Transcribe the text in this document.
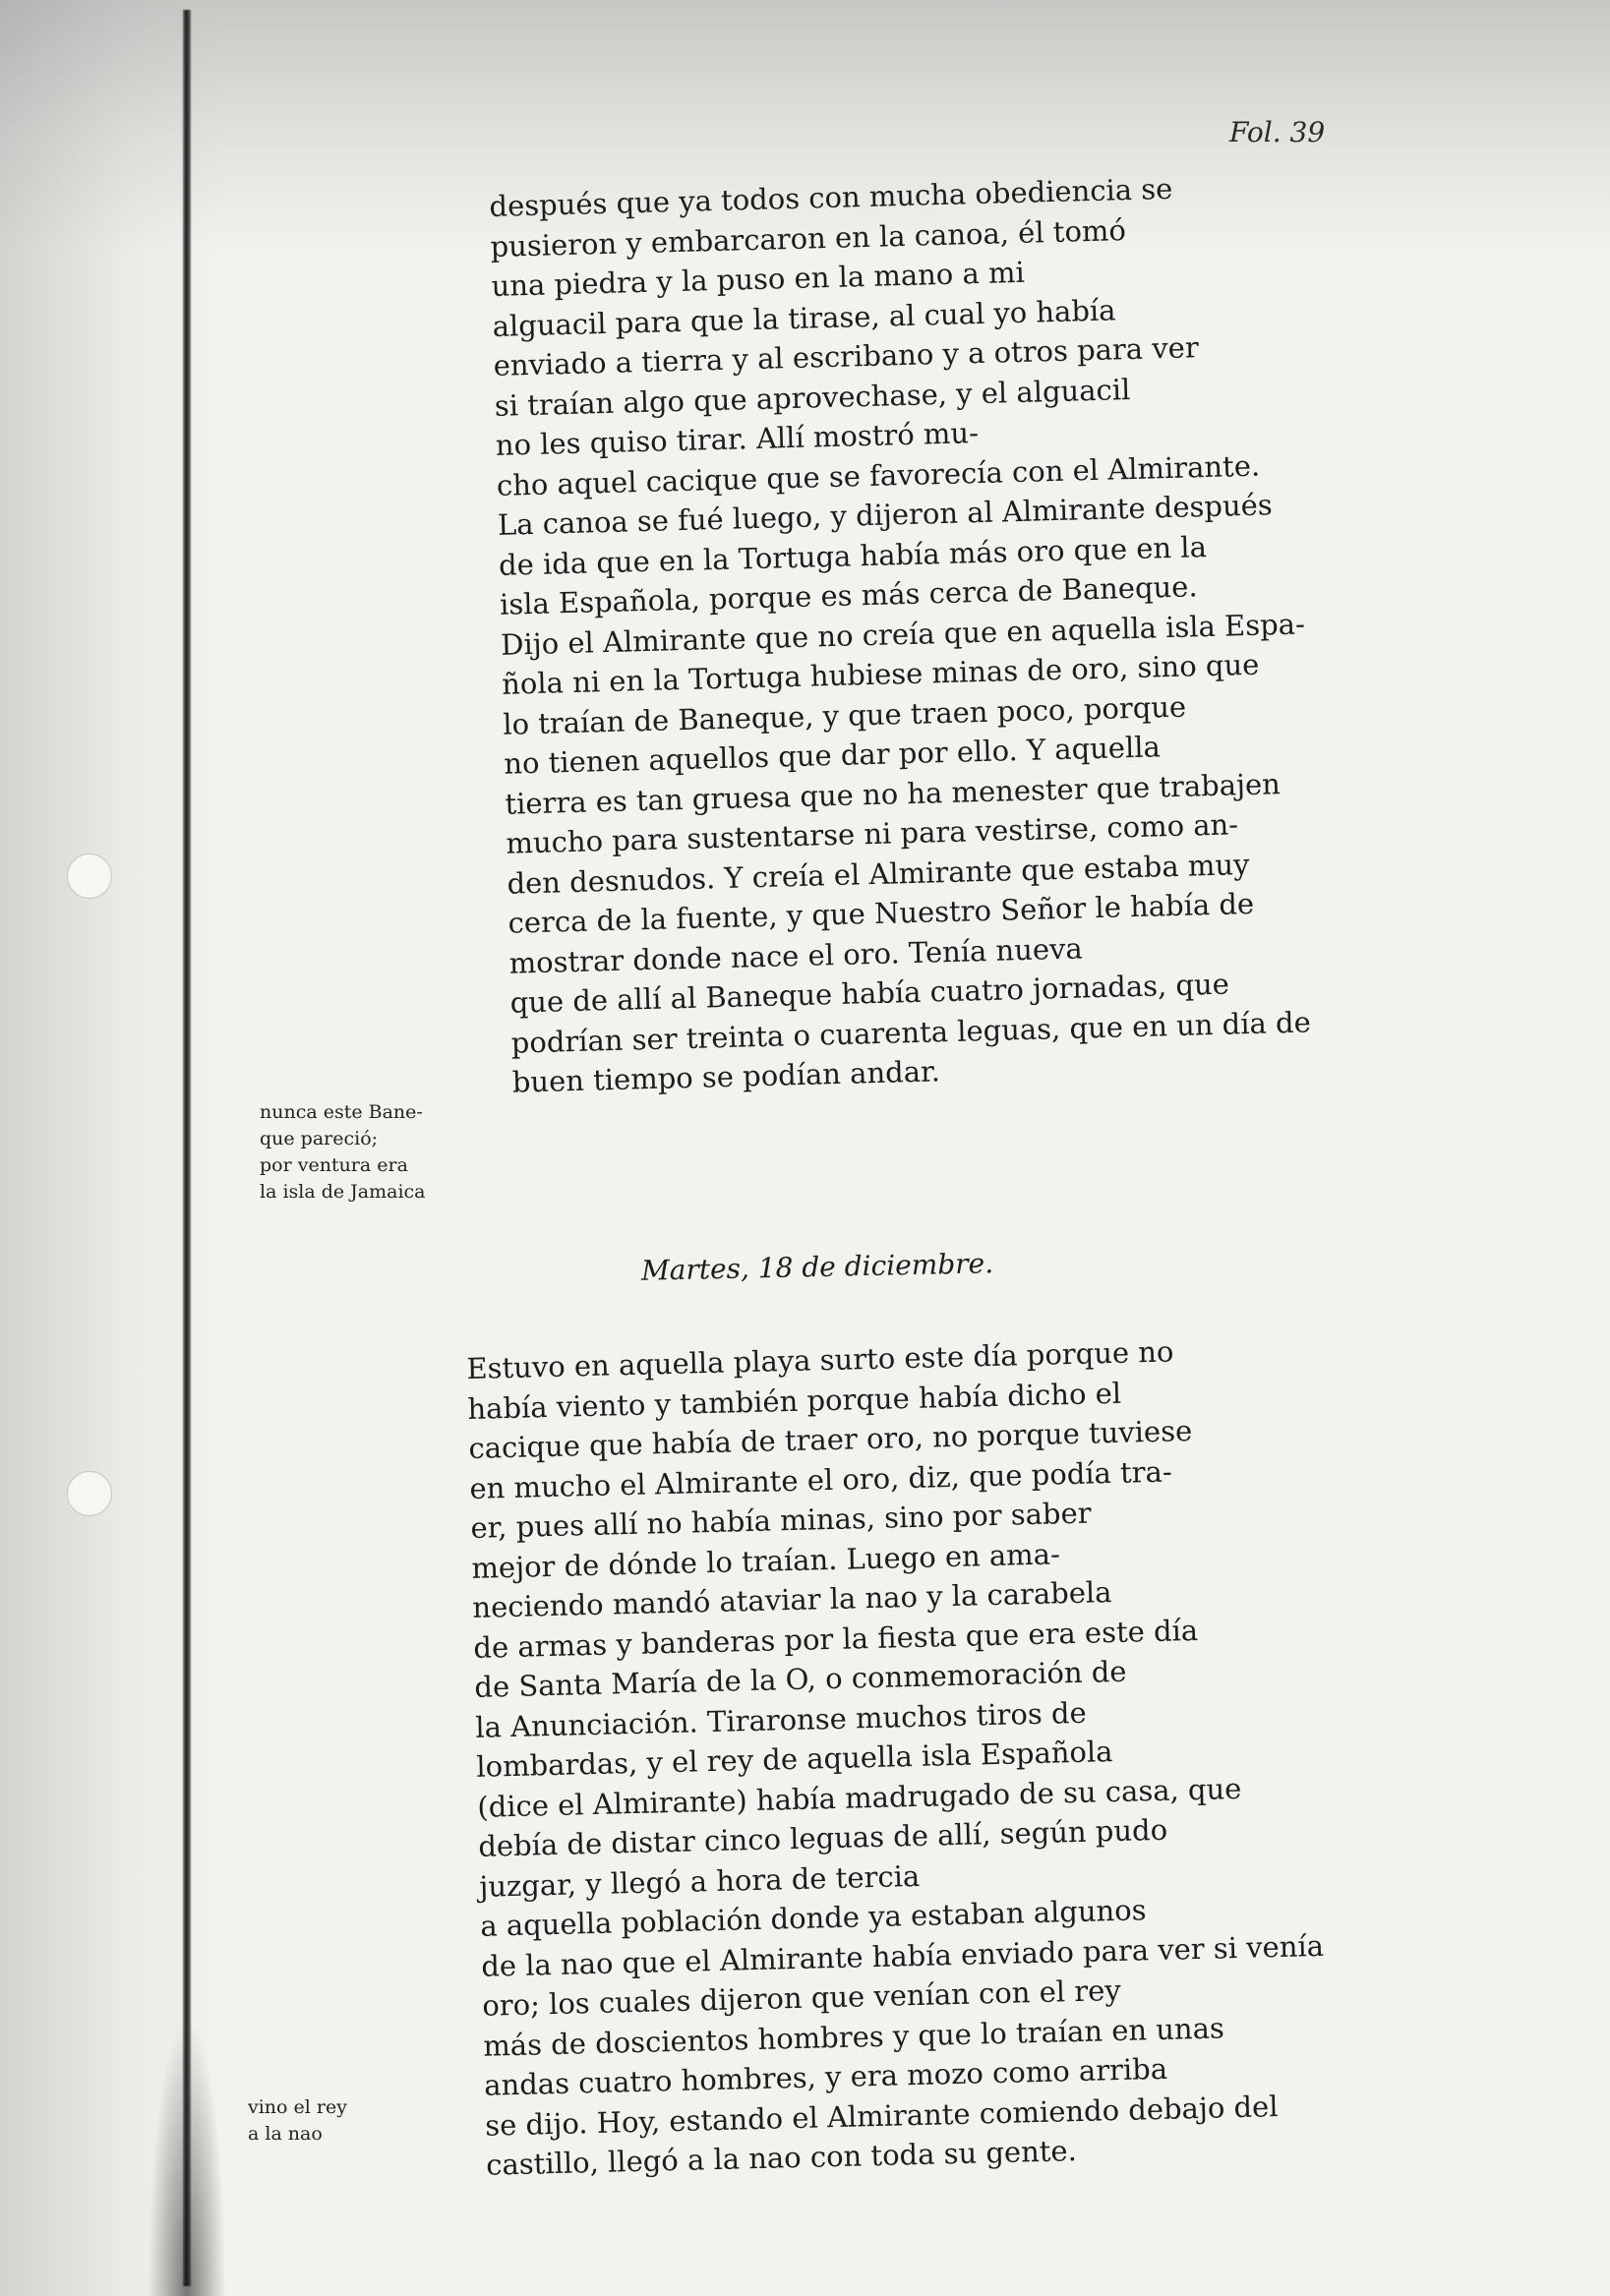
Fol. 39
después que ya todos con mucha obediencia se
pusieron y embarcaron en la canoa, él tomó
una piedra y la puso en la mano a mi
alguacil para que la tirase, al cual yo había
enviado a tierra y al escribano y a otros para ver
si traían algo que aprovechase, y el alguacil
no les quiso tirar. Allí mostró mu-
cho aquel cacique que se favorecía con el Almirante.
La canoa se fué luego, y dijeron al Almirante después
de ida que en la Tortuga había más oro que en la
isla Española, porque es más cerca de Baneque.
Dijo el Almirante que no creía que en aquella isla Espa-
ñola ni en la Tortuga hubiese minas de oro, sino que
lo traían de Baneque, y que traen poco, porque
no tienen aquellos que dar por ello. Y aquella
tierra es tan gruesa que no ha menester que trabajen
mucho para sustentarse ni para vestirse, como an-
den desnudos. Y creía el Almirante que estaba muy
cerca de la fuente, y que Nuestro Señor le había de
mostrar donde nace el oro. Tenía nueva
que de allí al Baneque había cuatro jornadas, que
podrían ser treinta o cuarenta leguas, que en un día de
buen tiempo se podían andar.
nunca este Bane-
que pareció;
por ventura era
la isla de Jamaica
Martes, 18 de diciembre.
Estuvo en aquella playa surto este día porque no
había viento y también porque había dicho el
cacique que había de traer oro, no porque tuviese
en mucho el Almirante el oro, diz, que podía tra-
er, pues allí no había minas, sino por saber
mejor de dónde lo traían. Luego en ama-
neciendo mandó ataviar la nao y la carabela
de armas y banderas por la fiesta que era este día
de Santa María de la O, o conmemoración de
la Anunciación. Tiraronse muchos tiros de
lombardas, y el rey de aquella isla Española
(dice el Almirante) había madrugado de su casa, que
debía de distar cinco leguas de allí, según pudo
juzgar, y llegó a hora de tercia
a aquella población donde ya estaban algunos
de la nao que el Almirante había enviado para ver si venía
oro; los cuales dijeron que venían con el rey
más de doscientos hombres y que lo traían en unas
andas cuatro hombres, y era mozo como arriba
se dijo. Hoy, estando el Almirante comiendo debajo del
castillo, llegó a la nao con toda su gente.
vino el rey
a la nao
